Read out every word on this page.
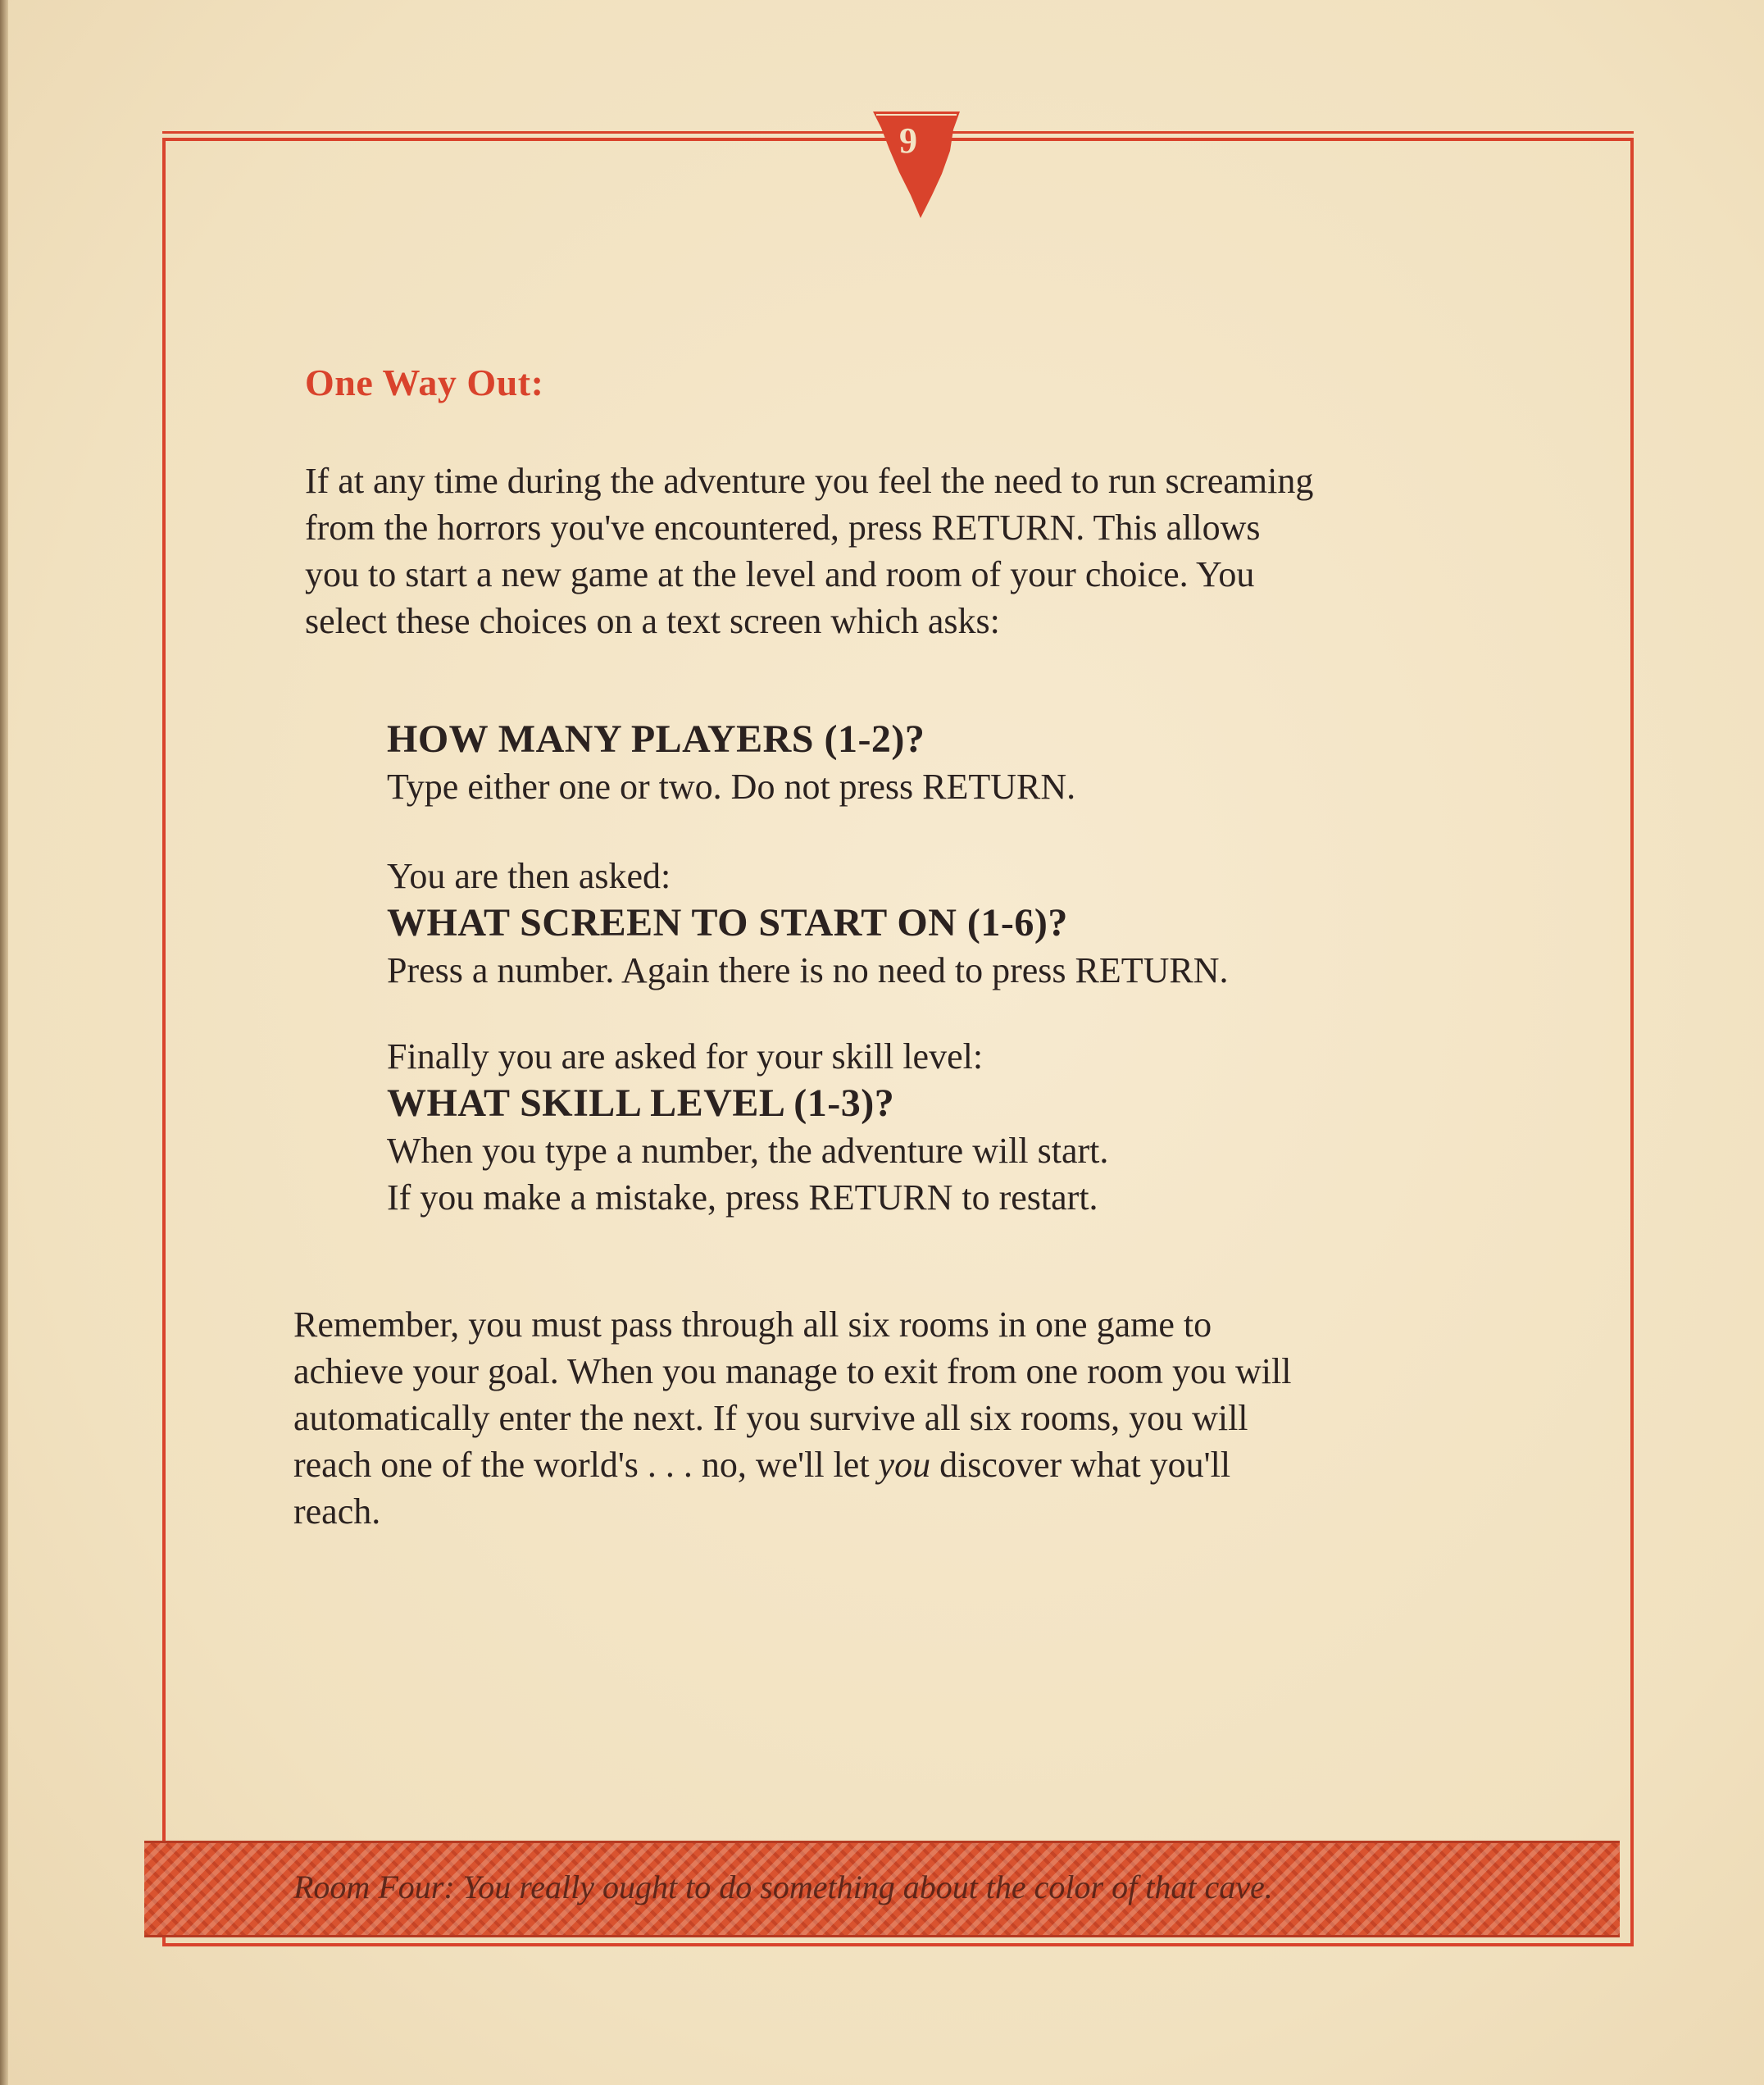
9
One Way Out:
If at any time during the adventure you feel the need to run screaming
from the horrors you've encountered, press RETURN. This allows
you to start a new game at the level and room of your choice. You
select these choices on a text screen which asks:
HOW MANY PLAYERS (1-2)?
Type either one or two. Do not press RETURN.
You are then asked:
WHAT SCREEN TO START ON (1-6)?
Press a number. Again there is no need to press RETURN.
Finally you are asked for your skill level:
WHAT SKILL LEVEL (1-3)?
When you type a number, the adventure will start.
If you make a mistake, press RETURN to restart.
Remember, you must pass through all six rooms in one game to
achieve your goal. When you manage to exit from one room you will
automatically enter the next. If you survive all six rooms, you will
reach one of the world's . . . no, we'll let you discover what you'll
reach.
Room Four: You really ought to do something about the color of that cave.
